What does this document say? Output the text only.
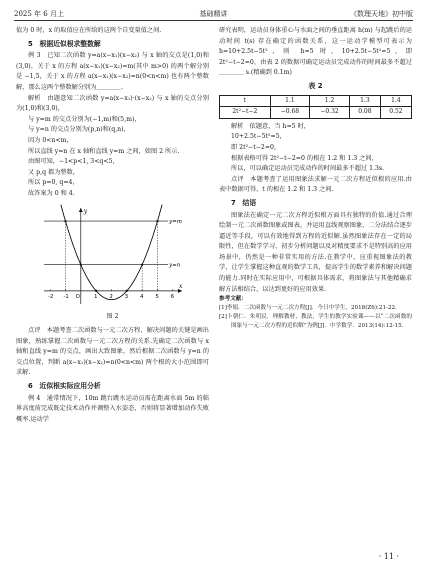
2025 年 6 月上	基础精讲	《数理天地》初中版

值为 0 时，x 的取值应在所给的这两个自变量值之间.

5　根据近似根求整数解

例 3　已知二次函数 y=a(x−x₁)(x−x₂) 与 x 轴的交点是(1,0)和(3,0)，关于 x 的方程 a(x−x₁)(x−x₂)=m(其中 m>0) 的两个解分别是 −1,5，关于 x 的方程 a(x−x₁)(x−x₂)=n(0<n<m) 也有两个整数解，那么这两个整数解分别为＿＿＿＿.

解析　由题意知二次函数 y=a(x−x₁)·(x−x₂) 与 x 轴的交点分别为(1,0)和(3,0)，

与 y=m 的交点分别为(−1,m)和(5,m)，

与 y=n 的交点分别为(p,n)和(q,n)，

因为 0<n<m，

所以直线 y=n 在 x 轴和直线 y=m 之间，如图 2 所示.

由图可知，−1<p<1, 3<q<5，

又 p,q 都为整数，

所以 p=0, q=4，

故答案为 0 和 4.

x
y
-2 -1 O	1 2 3 4 5 6
y=m
y=n
图 2

点评　本题考查二次函数与一元二次方程，解决问题的关键是画出图象，熟练掌握二次函数与一元二次方程的关系.先确定二次函数与 x 轴和直线 y=m 的交点，画出大致图象，然后根据二次函数与 y=n 的交点位置，判断 a(x−x₁)(x−x₂)=n(0<n<m) 两个根的大小范围即可求解.

6　近似根实际应用分析

例 4　通常情况下，10m 跳台跳水运动员需在距离水面 5m 的临界高度前完成既定技术动作并调整入水姿态，否则将显著增加动作失败概率.运动学

研究表明，运动员身体重心与水面之间的垂直距离 h(m) 与起跳后的运动时间 t(s) 存在确定的函数关系，这一运动学模型可表示为 h=10+2.5t−5t²，则 h=5 时，10+2.5t−5t²=5，即 2t²−t−2=0，由表 2 的数据可确定运动员完成动作的时间最多不超过＿＿＿＿ s.(精确到 0.1m)

表 2
t	1.1	1.2	1.3	1.4
2t²−t−2	−0.68	−0.32	0.08	0.52

解析　依题意，当 h=5 时，

10+2.5t−5t²=5，

即 2t²−t−2=0，

根据表格可得 2t²−t−2=0 的根在 1.2 和 1.3 之间，

所以，可以确定运动员完成动作的时间最多不超过 1.3s.

点评　本题考查了运用图象法求解一元二次方程近似根的应用.由表中数据可得，t 的根在 1.2 和 1.3 之间.

7　结语

图象法在确定一元二次方程近似根方面具有独特的价值.通过合理绘制一元二次函数图象或图表，并运用直线观察图象、二分法结合逐步逼近等手段，可以有效地得到方程的近似解.虽然图象法存在一定的局限性，但在数学学习、初步分析问题以及对精度要求不是特别高的应用场景中，仍然是一种非常实用的方法.在教学中，应重视图象法的教学，让学生掌握这种直观的数学工具，提高学生的数学素养和解决问题的能力.同时在实际应用中，可根据具体需求，将图象法与其他精确求解方法相结合，以达到更好的应用效果.

参考文献：

[1]李娟．二次函数与一元二次方程[J]．今日中学生，2018(Z6):21-22.

[2]卜朝仁．朱明民．理解教材，教法，学生的教学实验课——以“二次函数的图象与一元二次方程的近似解”为例[J]．中学数学．2013(14):12-15.

· 11 ·
